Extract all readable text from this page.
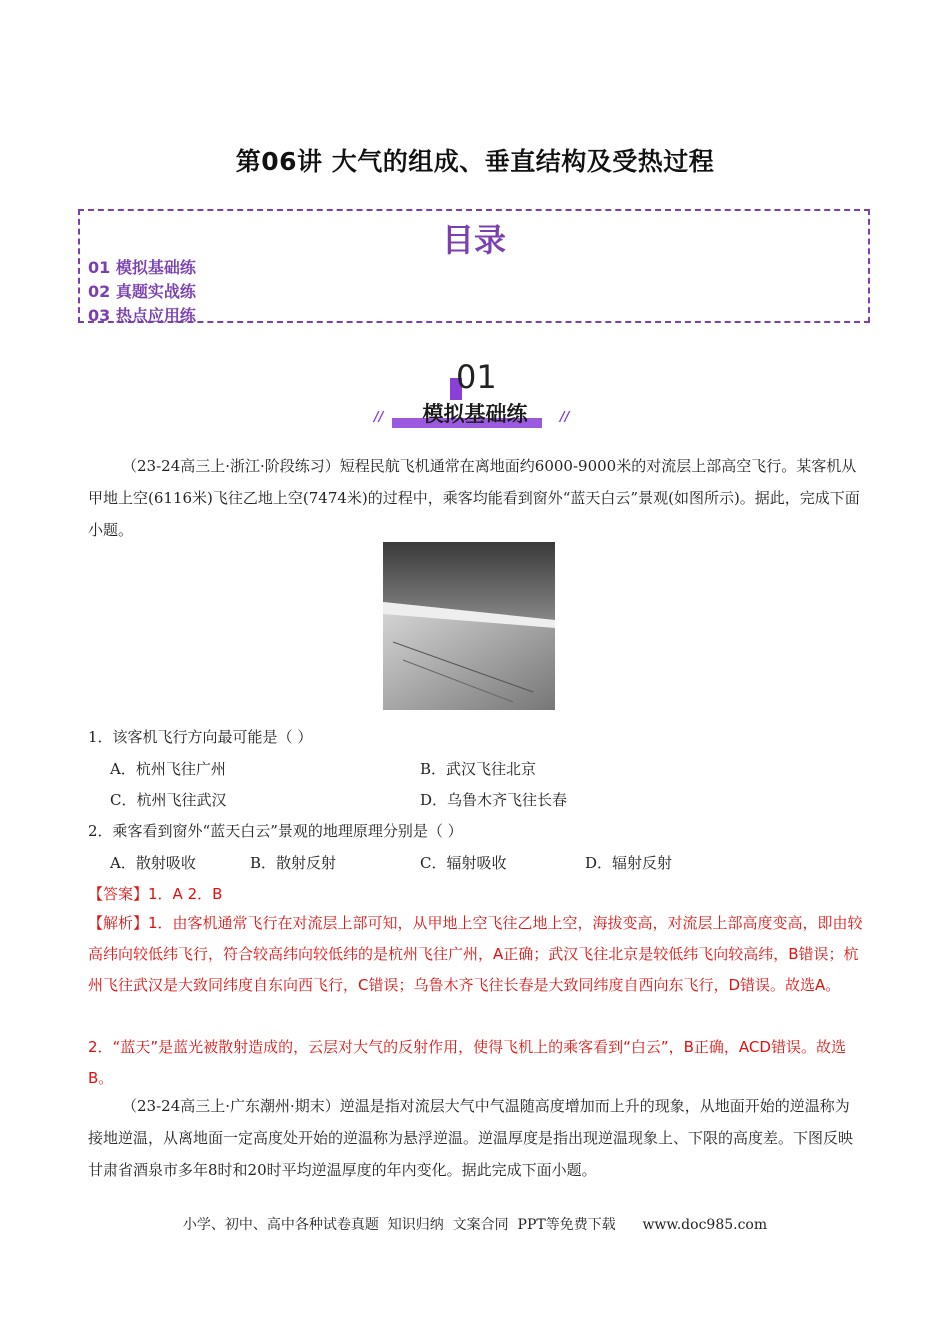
第06讲 大气的组成、垂直结构及受热过程
目录
01 模拟基础练
02 真题实战练
03 热点应用练
01
模拟基础练
//	//
（23-24高三上·浙江·阶段练习）短程民航飞机通常在离地面约6000-9000米的对流层上部高空飞行。某客机从甲地上空(6116米)飞往乙地上空(7474米)的过程中，乘客均能看到窗外“蓝天白云”景观(如图所示)。据此，完成下面小题。
1．该客机飞行方向最可能是（ ）
A．杭州飞往广州	B．武汉飞往北京
C．杭州飞往武汉	D．乌鲁木齐飞往长春
2．乘客看到窗外“蓝天白云”景观的地理原理分别是（ ）
A．散射吸收	B．散射反射	C．辐射吸收	D．辐射反射
【答案】1．A 2．B
【解析】1．由客机通常飞行在对流层上部可知，从甲地上空飞往乙地上空，海拔变高，对流层上部高度变高，即由较高纬向较低纬飞行，符合较高纬向较低纬的是杭州飞往广州，A正确；武汉飞往北京是较低纬飞向较高纬，B错误；杭州飞往武汉是大致同纬度自东向西飞行，C错误；乌鲁木齐飞往长春是大致同纬度自西向东飞行，D错误。故选A。
2．“蓝天”是蓝光被散射造成的，云层对大气的反射作用，使得飞机上的乘客看到“白云”，B正确，ACD错误。故选B。
（23-24高三上·广东潮州·期末）逆温是指对流层大气中气温随高度增加而上升的现象，从地面开始的逆温称为接地逆温，从离地面一定高度处开始的逆温称为悬浮逆温。逆温厚度是指出现逆温现象上、下限的高度差。下图反映甘肃省酒泉市多年8时和20时平均逆温厚度的年内变化。据此完成下面小题。
小学、初中、高中各种试卷真题  知识归纳  文案合同  PPT等免费下载      www.doc985.com
